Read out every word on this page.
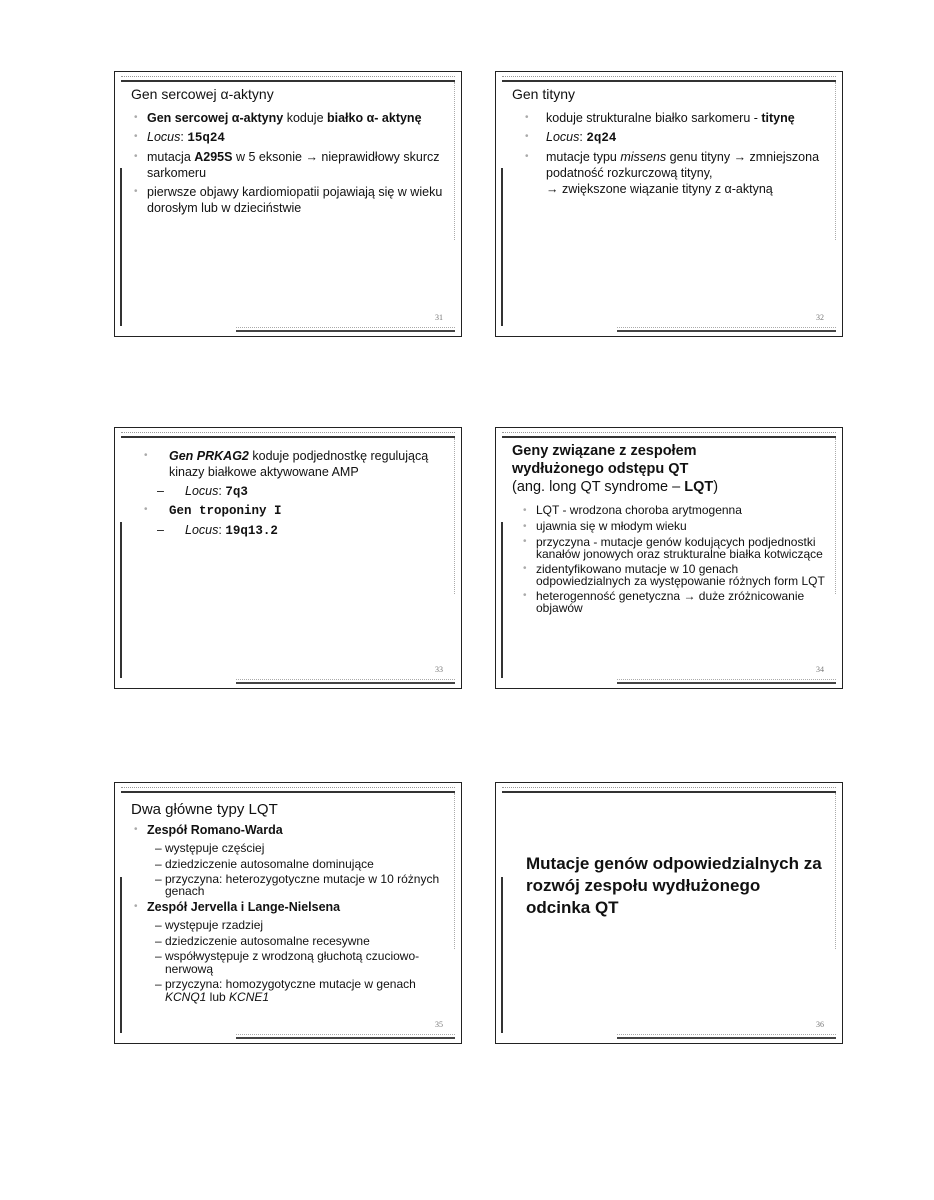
Gen sercowej α-aktyny
• Gen sercowej α-aktyny koduje białko α- aktynę
• Locus: 15q24
• mutacja A295S w 5 eksonie → nieprawidłowy skurcz sarkomeru
• pierwsze objawy kardiomiopatii pojawiają się w wieku dorosłym lub w dzieciństwie
31
Gen tityny
• koduje strukturalne białko sarkomeru - titynę
• Locus: 2q24
• mutacje typu missens genu tityny → zmniejszona podatność rozkurczową tityny,
→ zwiększone wiązanie tityny z α-aktyną
32
• Gen PRKAG2 koduje podjednostkę regulującą kinazy białkowe aktywowane AMP
– Locus: 7q3
• Gen troponiny I
– Locus: 19q13.2
33
Geny związane z zespołem wydłużonego odstępu QT
(ang. long QT syndrome – LQT)
• LQT - wrodzona choroba arytmogenna
• ujawnia się w młodym wieku
• przyczyna - mutacje genów kodujących podjednostki kanałów jonowych oraz strukturalne białka kotwiczące
• zidentyfikowano mutacje w 10 genach odpowiedzialnych za występowanie różnych form LQT
• heterogenność genetyczna → duże zróżnicowanie objawów
34
Dwa główne typy LQT
• Zespół Romano-Warda
– występuje częściej
– dziedziczenie autosomalne dominujące
– przyczyna: heterozygotyczne mutacje w 10 różnych genach
• Zespół Jervella i Lange-Nielsena
– występuje rzadziej
– dziedziczenie autosomalne recesywne
– współwystępuje z wrodzoną głuchotą czuciowo-nerwową
– przyczyna: homozygotyczne mutacje w genach KCNQ1 lub KCNE1
35
Mutacje genów odpowiedzialnych za rozwój zespołu wydłużonego odcinka QT
36
